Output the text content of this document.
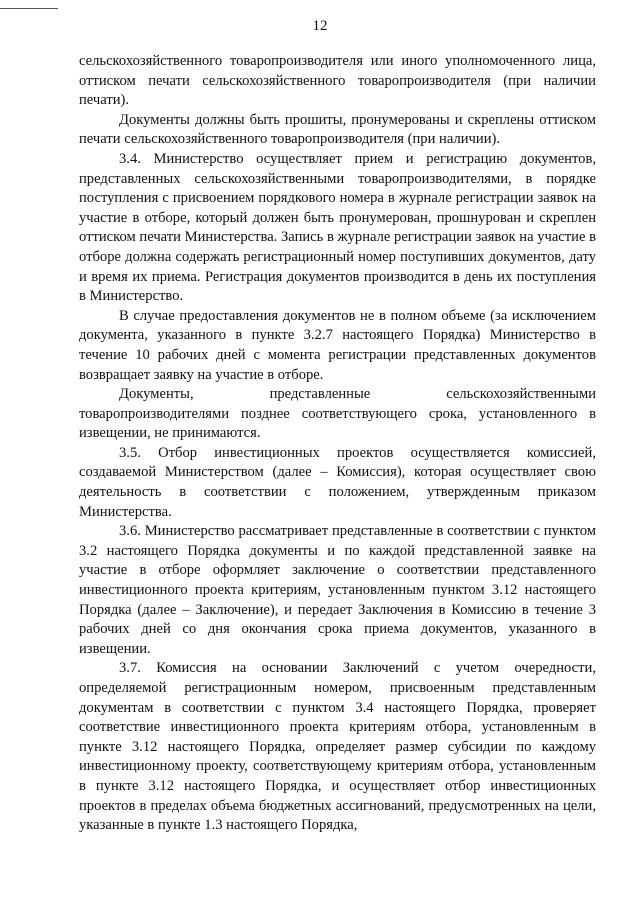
12

сельскохозяйственного товаропроизводителя или иного уполномоченного лица, оттиском печати сельскохозяйственного товаропроизводителя (при наличии печати).

Документы должны быть прошиты, пронумерованы и скреплены оттиском печати сельскохозяйственного товаропроизводителя (при наличии).

3.4. Министерство осуществляет прием и регистрацию документов, представленных сельскохозяйственными товаропроизводителями, в порядке поступления с присвоением порядкового номера в журнале регистрации заявок на участие в отборе, который должен быть пронумерован, прошнурован и скреплен оттиском печати Министерства. Запись в журнале регистрации заявок на участие в отборе должна содержать регистрационный номер поступивших документов, дату и время их приема. Регистрация документов производится в день их поступления в Министерство.

В случае предоставления документов не в полном объеме (за исключением документа, указанного в пункте 3.2.7 настоящего Порядка) Министерство в течение 10 рабочих дней с момента регистрации представленных документов возвращает заявку на участие в отборе.

Документы, представленные сельскохозяйственными товаропроизводителями позднее соответствующего срока, установленного в извещении, не принимаются.

3.5. Отбор инвестиционных проектов осуществляется комиссией, создаваемой Министерством (далее – Комиссия), которая осуществляет свою деятельность в соответствии с положением, утвержденным приказом Министерства.

3.6. Министерство рассматривает представленные в соответствии с пунктом 3.2 настоящего Порядка документы и по каждой представленной заявке на участие в отборе оформляет заключение о соответствии представленного инвестиционного проекта критериям, установленным пунктом 3.12 настоящего Порядка (далее – Заключение), и передает Заключения в Комиссию в течение 3 рабочих дней со дня окончания срока приема документов, указанного в извещении.

3.7. Комиссия на основании Заключений с учетом очередности, определяемой регистрационным номером, присвоенным представленным документам в соответствии с пунктом 3.4 настоящего Порядка, проверяет соответствие инвестиционного проекта критериям отбора, установленным в пункте 3.12 настоящего Порядка, определяет размер субсидии по каждому инвестиционному проекту, соответствующему критериям отбора, установленным в пункте 3.12 настоящего Порядка, и осуществляет отбор инвестиционных проектов в пределах объема бюджетных ассигнований, предусмотренных на цели, указанные в пункте 1.3 настоящего Порядка,
